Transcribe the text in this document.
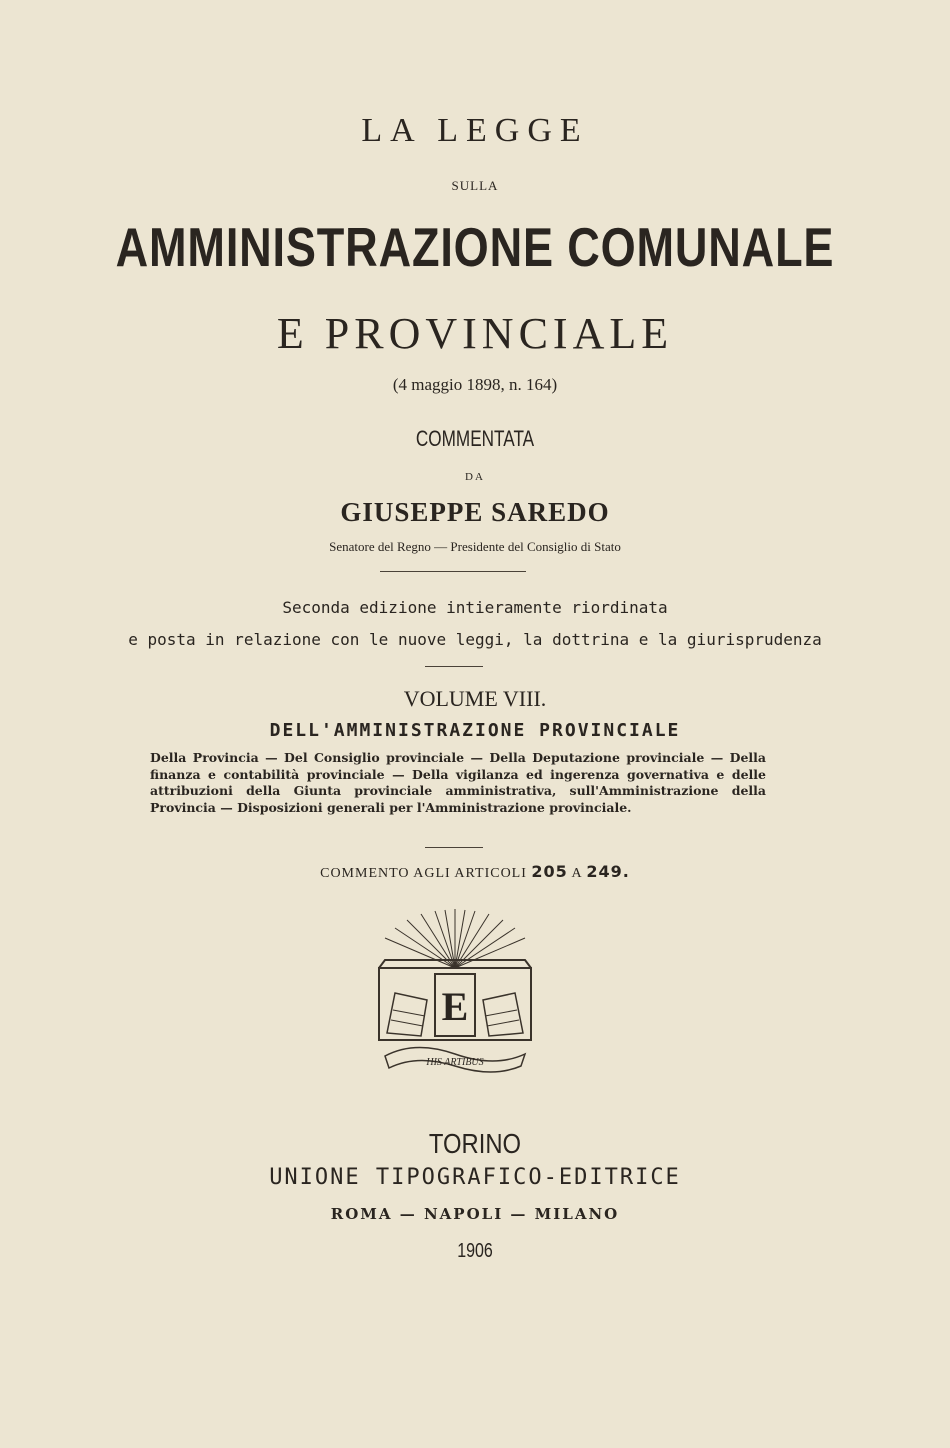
LA LEGGE
SULLA
AMMINISTRAZIONE COMUNALE
E PROVINCIALE
(4 maggio 1898, n. 164)
COMMENTATA
DA
GIUSEPPE SAREDO
Senatore del Regno — Presidente del Consiglio di Stato
Seconda edizione intieramente riordinata
e posta in relazione con le nuove leggi, la dottrina e la giurisprudenza
VOLUME VIII.
DELL'AMMINISTRAZIONE PROVINCIALE
Della Provincia — Del Consiglio provinciale — Della Deputazione provinciale — Della finanza e contabilità provinciale — Della vigilanza ed ingerenza governativa e delle attribuzioni della Giunta provinciale amministrativa, sull'Amministrazione della Provincia — Disposizioni generali per l'Amministrazione provinciale.
COMMENTO AGLI ARTICOLI 205 A 249.
E
HIS ARTIBUS
TORINO
UNIONE TIPOGRAFICO-EDITRICE
ROMA — NAPOLI — MILANO
1906
